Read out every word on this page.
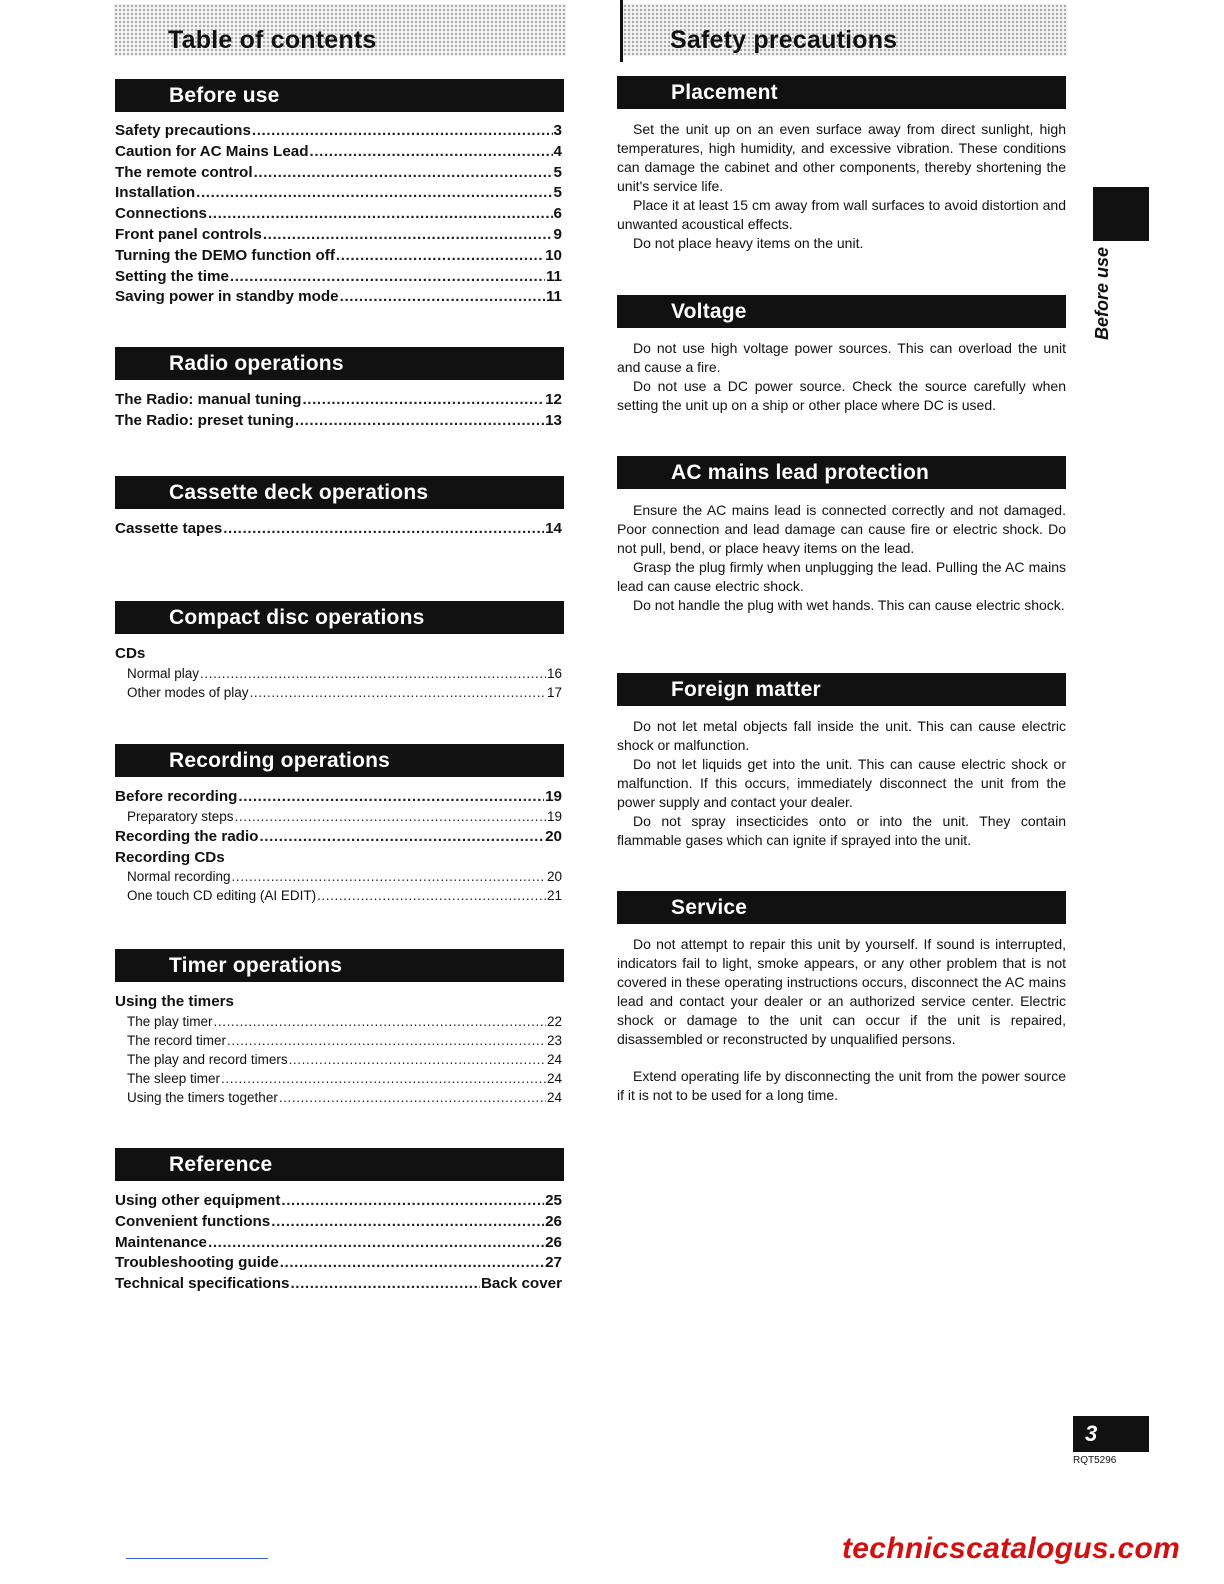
Table of contents	Safety precautions
Before use
Safety precautions .....	3
Caution for AC Mains Lead .....	4
The remote control .....	5
Installation .....	5
Connections .....	6
Front panel controls .....	9
Turning the DEMO function off .....	10
Setting the time .....	11
Saving power in standby mode .....	11
Radio operations
The Radio: manual tuning .....	12
The Radio: preset tuning .....	13
Cassette deck operations
Cassette tapes .....	14
Compact disc operations
CDs
Normal play .....	16
Other modes of play .....	17
Recording operations
Before recording .....	19
Preparatory steps .....	19
Recording the radio .....	20
Recording CDs
Normal recording .....	20
One touch CD editing (AI EDIT) .....	21
Timer operations
Using the timers
The play timer .....	22
The record timer .....	23
The play and record timers .....	24
The sleep timer .....	24
Using the timers together .....	24
Reference
Using other equipment .....	25
Convenient functions .....	26
Maintenance .....	26
Troubleshooting guide .....	27
Technical specifications .....	Back cover
Placement

Set the unit up on an even surface away from direct sunlight, high temperatures, high humidity, and excessive vibration. These conditions can damage the cabinet and other components, thereby shortening the unit's service life.

Place it at least 15 cm away from wall surfaces to avoid distortion and unwanted acoustical effects.

Do not place heavy items on the unit.

Voltage

Do not use high voltage power sources. This can overload the unit and cause a fire.

Do not use a DC power source. Check the source carefully when setting the unit up on a ship or other place where DC is used.

AC mains lead protection

Ensure the AC mains lead is connected correctly and not damaged. Poor connection and lead damage can cause fire or electric shock. Do not pull, bend, or place heavy items on the lead.

Grasp the plug firmly when unplugging the lead. Pulling the AC mains lead can cause electric shock.

Do not handle the plug with wet hands. This can cause electric shock.

Foreign matter

Do not let metal objects fall inside the unit. This can cause electric shock or malfunction.

Do not let liquids get into the unit. This can cause electric shock or malfunction. If this occurs, immediately disconnect the unit from the power supply and contact your dealer.

Do not spray insecticides onto or into the unit. They contain flammable gases which can ignite if sprayed into the unit.

Service

Do not attempt to repair this unit by yourself. If sound is interrupted, indicators fail to light, smoke appears, or any other problem that is not covered in these operating instructions occurs, disconnect the AC mains lead and contact your dealer or an authorized service center. Electric shock or damage to the unit can occur if the unit is repaired, disassembled or reconstructed by unqualified persons.

Extend operating life by disconnecting the unit from the power source if it is not to be used for a long time.

Before use
3
RQT5296
technicscatalogus.com
